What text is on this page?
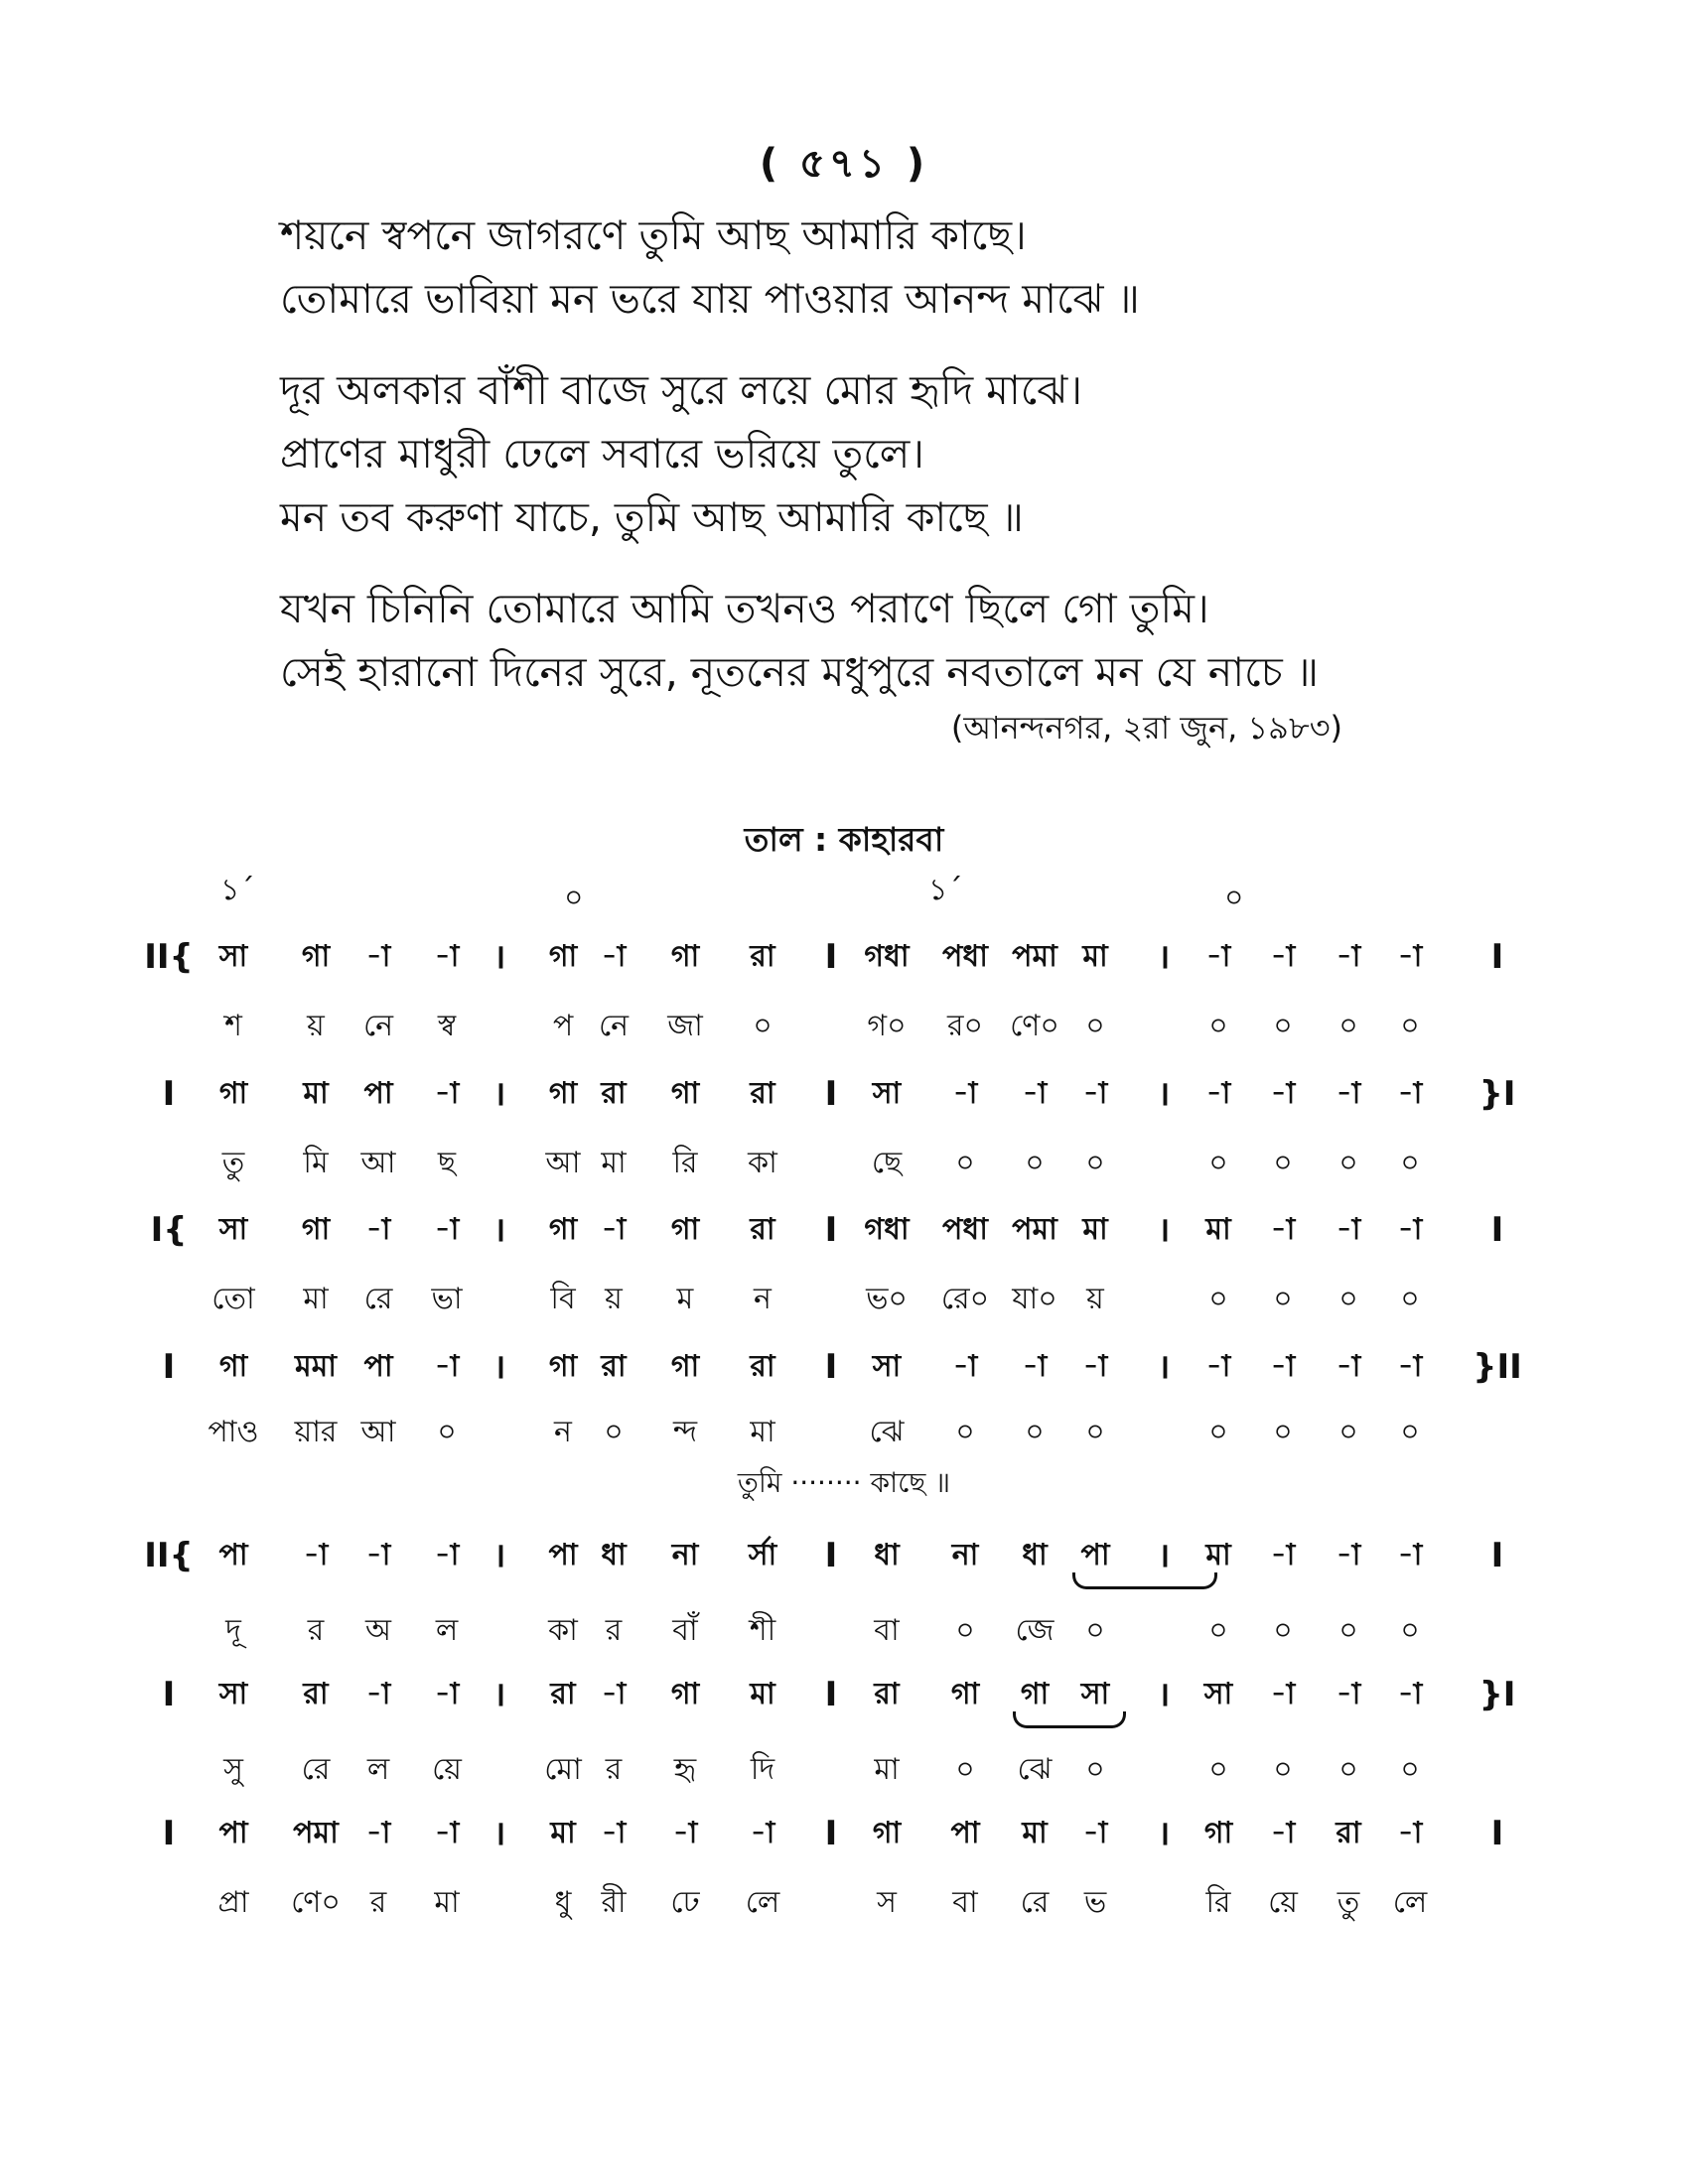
( ৫৭১ )
শয়নে স্বপনে জাগরণে তুমি আছ আমারি কাছে।
তোমারে ভাবিয়া মন ভরে যায় পাওয়ার আনন্দ মাঝে ॥
দূর অলকার বাঁশী বাজে সুরে লয়ে মোর হৃদি মাঝে।
প্রাণের মাধুরী ঢেলে সবারে ভরিয়ে তুলে।
মন তব করুণা যাচে, তুমি আছ আমারি কাছে ॥
যখন চিনিনি তোমারে আমি তখনও পরাণে ছিলে গো তুমি।
সেই হারানো দিনের সুরে, নূতনের মধুপুরে নবতালে মন যে নাচে ॥
(আনন্দনগর, ২রা জুন, ১৯৮৩)
তাল : কাহারবা
১´	০	১´	০
II{ সা গা -া -া । গা -া গা রা I গধা পধা পমা মা । -া -া -া -া I
শ য় নে স্ব	প নে জা ০	গ০ র০ ণে০ ০	০ ০ ০ ০
I গা মা পা -া । গা রা গা রা I সা -া -া -া । -া -া -া -া }I
তু মি আ ছ	আ মা রি কা	ছে ০ ০ ০	০ ০ ০ ০
I{ সা গা -া -া । গা -া গা রা I গধা পধা পমা মা । মা -া -া -া I
তো মা রে ভা	বি য় ম ন	ভ০ রে০ যা০ য়	০ ০ ০ ০
I গা মমা পা -া । গা রা গা রা I সা -া -া -া । -া -া -া -া }II
পাও য়ার আ ০	ন ০ ন্দ মা	ঝে ০ ০ ০	০ ০ ০ ০
II{ পা -া -া -া । পা ধা না র্সা I ধা না ধা পা । মা -া -া -া I
দূ র অ ল	কা র বাঁ শী	বা ০ জে ০	০ ০ ০ ০
I সা রা -া -া । রা -া গা মা I রা গা গা সা । সা -া -া -া }I
সু রে ল য়ে	মো র হৃ দি	মা ০ ঝে ০	০ ০ ০ ০
I পা পমা -া -া । মা -া -া -া I গা পা মা -া । গা -া রা -া I
প্রা ণে০ র মা	ধু রী ঢে লে	স বা রে ভ	রি য়ে তু লে
তুমি ········ কাছে ॥
